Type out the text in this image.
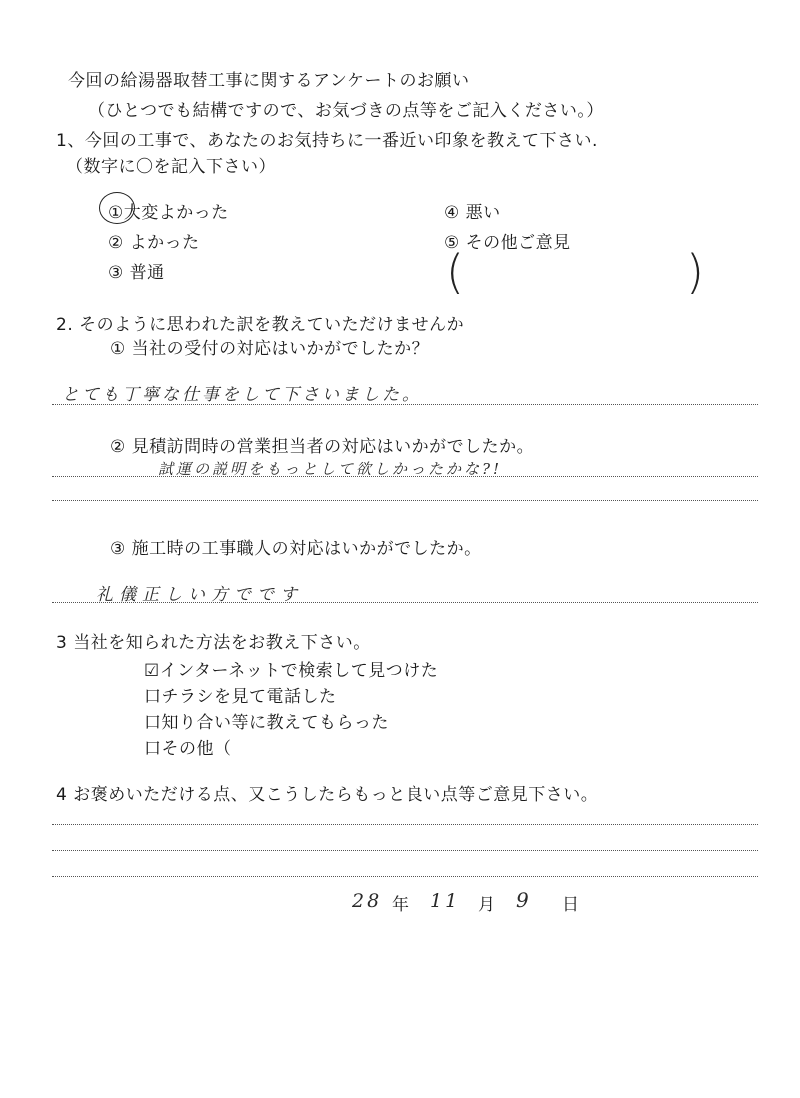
今回の給湯器取替工事に関するアンケートのお願い
（ひとつでも結構ですので、お気づきの点等をご記入ください。）
1、今回の工事で、あなたのお気持ちに一番近い印象を教えて下さい.
（数字に〇を記入下さい）
①大変よかった
② よかった
③ 普通
④ 悪い
⑤ その他ご意見
(	)
2. そのように思われた訳を教えていただけませんか
① 当社の受付の対応はいかがでしたか？
とても丁寧な仕事をして下さいました。
② 見積訪問時の営業担当者の対応はいかがでしたか。
試運の説明をもっとして欲しかったかな?!
③ 施工時の工事職人の対応はいかがでしたか。
礼儀正しい方でです
3 当社を知られた方法をお教え下さい。
☑インターネットで検索して見つけた
口チラシを見て電話した
口知り合い等に教えてもらった
口その他（
4 お褒めいただける点、又こうしたらもっと良い点等ご意見下さい。
28 年 11 月 9 日
